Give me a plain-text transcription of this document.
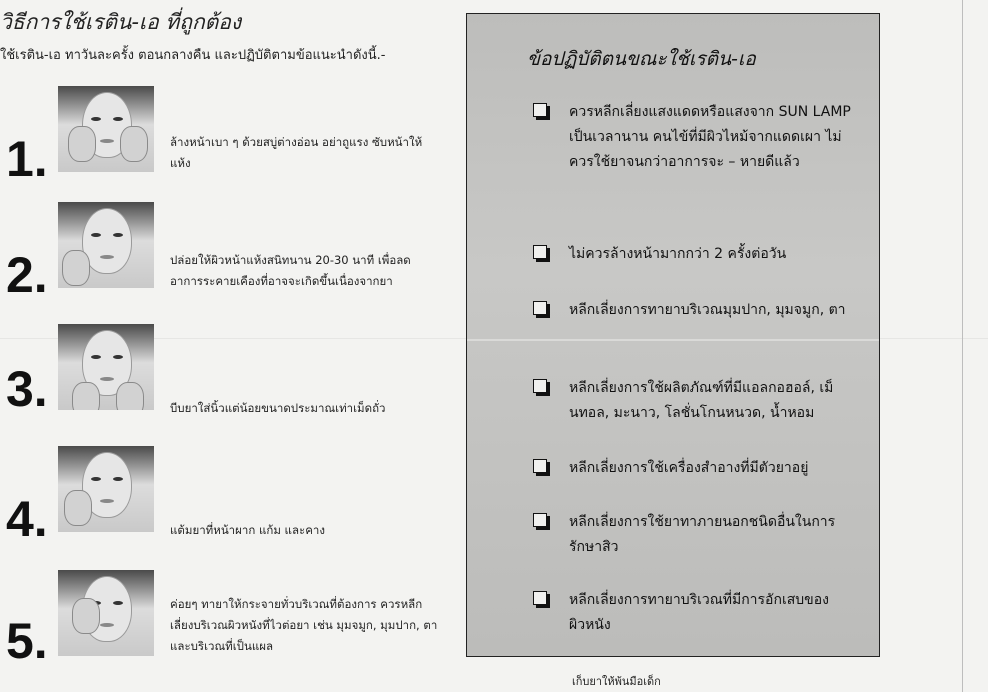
วิธีการใช้เรติน-เอ ที่ถูกต้อง
ใช้เรติน-เอ ทาวันละครั้ง ตอนกลางคืน และปฏิบัติตามข้อแนะนำดังนี้.-
1.	ล้างหน้าเบา ๆ ด้วยสบู่ต่างอ่อน อย่าถูแรง ซับหน้าให้แห้ง
2.	ปล่อยให้ผิวหน้าแห้งสนิทนาน 20-30 นาที เพื่อลดอาการระคายเคืองที่อาจจะเกิดขึ้นเนื่องจากยา
3.	บีบยาใส่นิ้วแต่น้อยขนาดประมาณเท่าเม็ดถั่ว
4.	แต้มยาที่หน้าผาก แก้ม และคาง
5.
ค่อยๆ ทายาให้กระจายทั่วบริเวณที่ต้องการ ควรหลีกเลี่ยงบริเวณผิวหนังที่ไวต่อยา เช่น มุมจมูก, มุมปาก, ตา และบริเวณที่เป็นแผล
ข้อปฏิบัติตนขณะใช้เรติน-เอ
ควรหลีกเลี่ยงแสงแดดหรือแสงจาก SUN LAMP เป็นเวลานาน คนไข้ที่มีผิวไหม้จากแดดเผา ไม่ควรใช้ยาจนกว่าอาการจะ – หายดีแล้ว
ไม่ควรล้างหน้ามากกว่า 2 ครั้งต่อวัน
หลีกเลี่ยงการทายาบริเวณมุมปาก, มุมจมูก, ตา
หลีกเลี่ยงการใช้ผลิตภัณฑ์ที่มีแอลกอฮอล์, เม็นทอล, มะนาว, โลชั่นโกนหนวด, น้ำหอม
หลีกเลี่ยงการใช้เครื่องสำอางที่มีตัวยาอยู่
หลีกเลี่ยงการใช้ยาทาภายนอกชนิดอื่นในการรักษาสิว
หลีกเลี่ยงการทายาบริเวณที่มีการอักเสบของผิวหนัง
เก็บยาให้พ้นมือเด็ก
